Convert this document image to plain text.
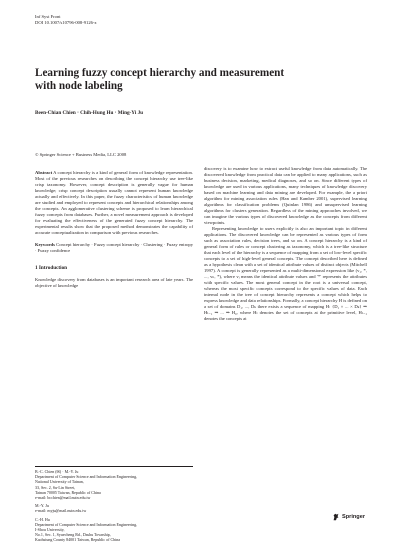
Inf Syst Front
DOI 10.1007/s10796-008-9126-z
Learning fuzzy concept hierarchy and measurement
with node labeling
Been-Chian Chien · Chih-Hung Hu · Ming-Yi Ju
© Springer Science + Business Media, LLC 2008

Abstract A concept hierarchy is a kind of general form of knowledge representation. Most of the previous researches on describing the concept hierarchy use tree-like crisp taxonomy. However, concept description is generally vague for human knowledge; crisp concept description usually cannot represent human knowledge actually and effectively. In this paper, the fuzzy characteristics of human knowledge are studied and employed to represent concepts and hierarchical relationships among the concepts. An agglomerative clustering scheme is proposed to learn hierarchical fuzzy concepts from databases. Further, a novel measurement approach is developed for evaluating the effectiveness of the generated fuzzy concept hierarchy. The experimental results show that the proposed method demonstrates the capability of accurate conceptualization in comparison with previous researches.

Keywords Concept hierarchy · Fuzzy concept hierarchy · Clustering · Fuzzy entropy · Fuzzy confidence

1 Introduction

Knowledge discovery from databases is an important research area of late years. The objective of knowledge

B.-C. Chien (✉) · M.-Y. Ju
Department of Computer Science and Information Engineering,
National University of Tainan,
33, Sec. 2, Su-Lin Street,
Tainan 70005 Taiwan, Republic of China
e-mail: bcchien@mail.nutn.edu.tw
M.-Y. Ju
e-mail: myju@mail.nutn.edu.tw
C.-H. Hu
Department of Computer Science and Information Engineering,
I-Shou University,
No.1, Sec. 1, Syuecheng Rd., Dashu Township,
Kaohsiung County 84001 Taiwan, Republic of China

discovery is to examine how to extract useful knowledge from data automatically. The discovered knowledge from practical data can be applied to many applications, such as business decision, marketing, medical diagnoses, and so on. Since different types of knowledge are used in various applications, many techniques of knowledge discovery based on machine learning and data mining are developed. For example, the a priori algorithm for mining association rules (Han and Kamber 2001), supervised learning algorithms for classification problems (Quinlan 1986) and unsupervised learning algorithms for clusters generation. Regardless of the mining approaches involved, we can imagine the various types of discovered knowledge as the concepts from different viewpoints.

Representing knowledge to users explicitly is also an important topic in different applications. The discovered knowledge can be represented as various types of form such as association rules, decision trees, and so on. A concept hierarchy is a kind of general form of rules or concept clustering as taxonomy, which is a tree-like structure that each level of the hierarchy is a sequence of mapping from a set of low-level specific concepts to a set of high-level general concepts. The concept described here is defined as a hypothesis clean with a set of identical attribute values of distinct objects (Mitchell 1997). A concept is generally represented as a multi-dimensional expression like (v₁, *, ..., vₙ, *), where vᵢ means the identical attribute values and '*' represents the attributes with specific values. The most general concept in the root is a universal concept, whereas the most specific concepts correspond to the specific values of data. Each internal node in the tree of concept hierarchy represents a concept which helps to express knowledge and data relationships. Formally, a concept hierarchy H is defined on a set of domains D₁, ..., Dₖ there exists a sequence of mapping H: {D₁ × ... × Dₖ} ⇒ Hₗ₋₁ ⇒ ... ⇒ H₀, where Hₗ denotes the set of concepts at the primitive level, Hₗ₋₁ denotes the concepts at

Springer
